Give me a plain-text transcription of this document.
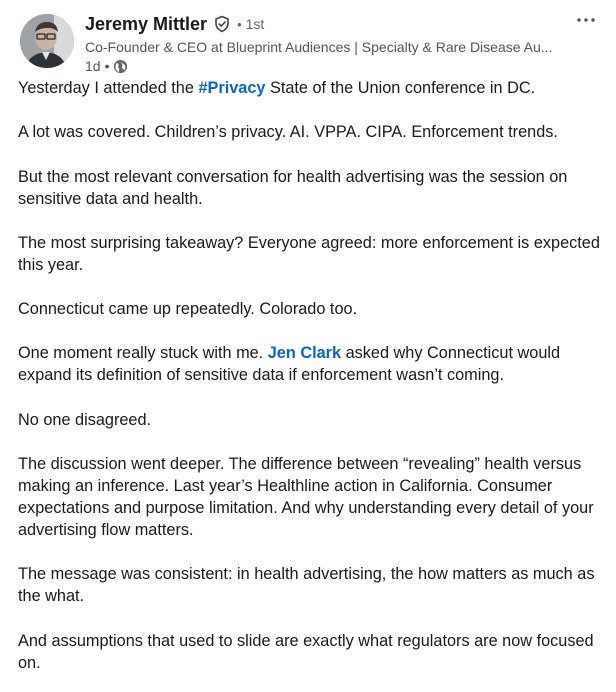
Jeremy Mittler • 1st
Co-Founder & CEO at Blueprint Audiences | Specialty & Rare Disease Au...
1d •

Yesterday I attended the #Privacy State of the Union conference in DC.

A lot was covered. Children’s privacy. AI. VPPA. CIPA. Enforcement trends.

But the most relevant conversation for health advertising was the session on sensitive data and health.

The most surprising takeaway? Everyone agreed: more enforcement is expected this year.

Connecticut came up repeatedly. Colorado too.

One moment really stuck with me. Jen Clark asked why Connecticut would expand its definition of sensitive data if enforcement wasn’t coming.

No one disagreed.

The discussion went deeper. The difference between “revealing” health versus making an inference. Last year’s Healthline action in California. Consumer expectations and purpose limitation. And why understanding every detail of your advertising flow matters.

The message was consistent: in health advertising, the how matters as much as the what.

And assumptions that used to slide are exactly what regulators are now focused on.
